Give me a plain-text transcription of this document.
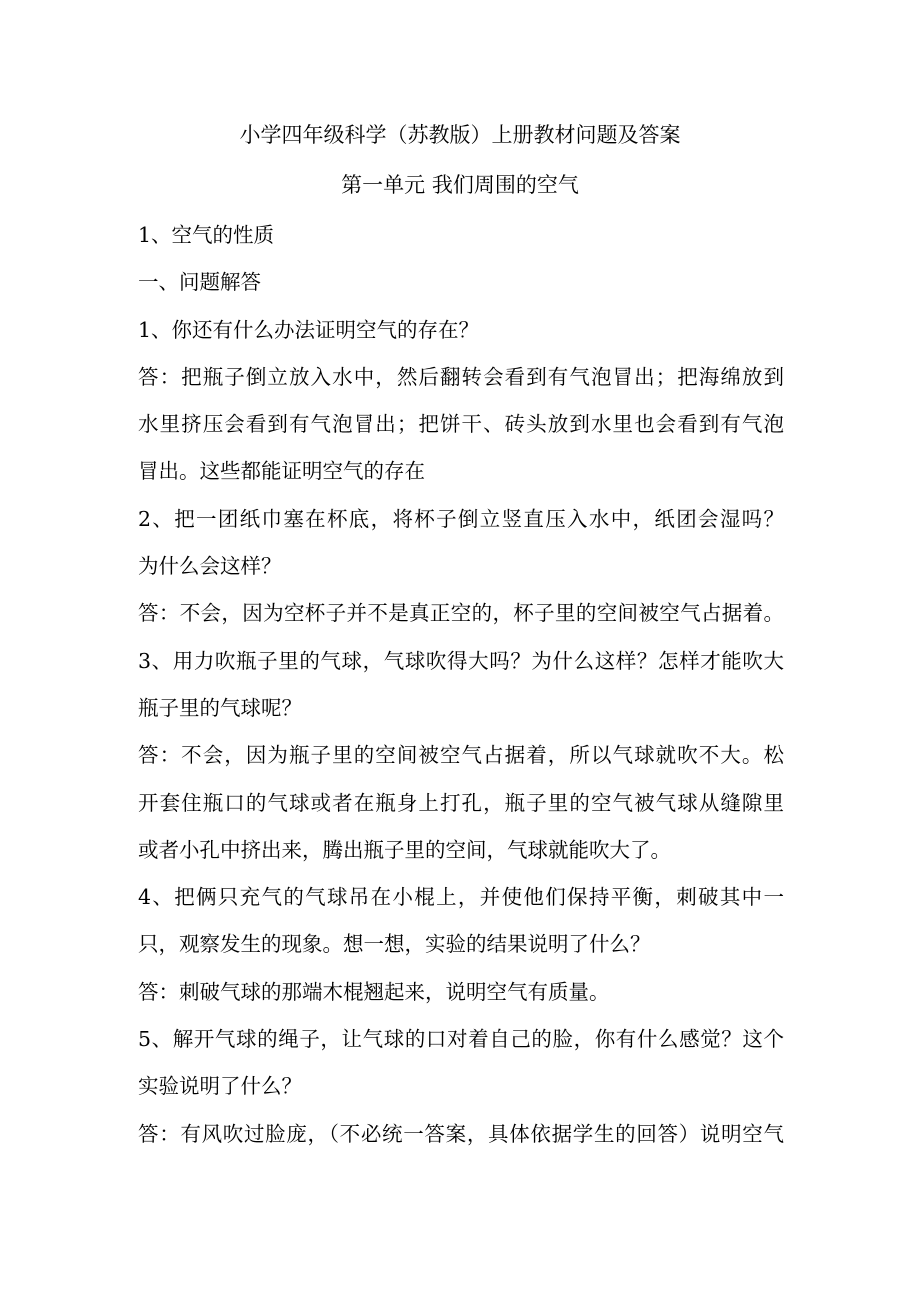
小学四年级科学（苏教版）上册教材问题及答案
第一单元 我们周围的空气
1、空气的性质
一、问题解答
1、你还有什么办法证明空气的存在？
答：把瓶子倒立放入水中，然后翻转会看到有气泡冒出；把海绵放到
水里挤压会看到有气泡冒出；把饼干、砖头放到水里也会看到有气泡
冒出。这些都能证明空气的存在
2、把一团纸巾塞在杯底，将杯子倒立竖直压入水中，纸团会湿吗？
为什么会这样？
答：不会，因为空杯子并不是真正空的，杯子里的空间被空气占据着。
3、用力吹瓶子里的气球，气球吹得大吗？为什么这样？怎样才能吹大
瓶子里的气球呢？
答：不会，因为瓶子里的空间被空气占据着，所以气球就吹不大。松
开套住瓶口的气球或者在瓶身上打孔，瓶子里的空气被气球从缝隙里
或者小孔中挤出来，腾出瓶子里的空间，气球就能吹大了。
4、把俩只充气的气球吊在小棍上，并使他们保持平衡，刺破其中一
只，观察发生的现象。想一想，实验的结果说明了什么？
答：刺破气球的那端木棍翘起来，说明空气有质量。
5、解开气球的绳子，让气球的口对着自己的脸，你有什么感觉？这个
实验说明了什么？
答：有风吹过脸庞，（不必统一答案，具体依据学生的回答）说明空气
